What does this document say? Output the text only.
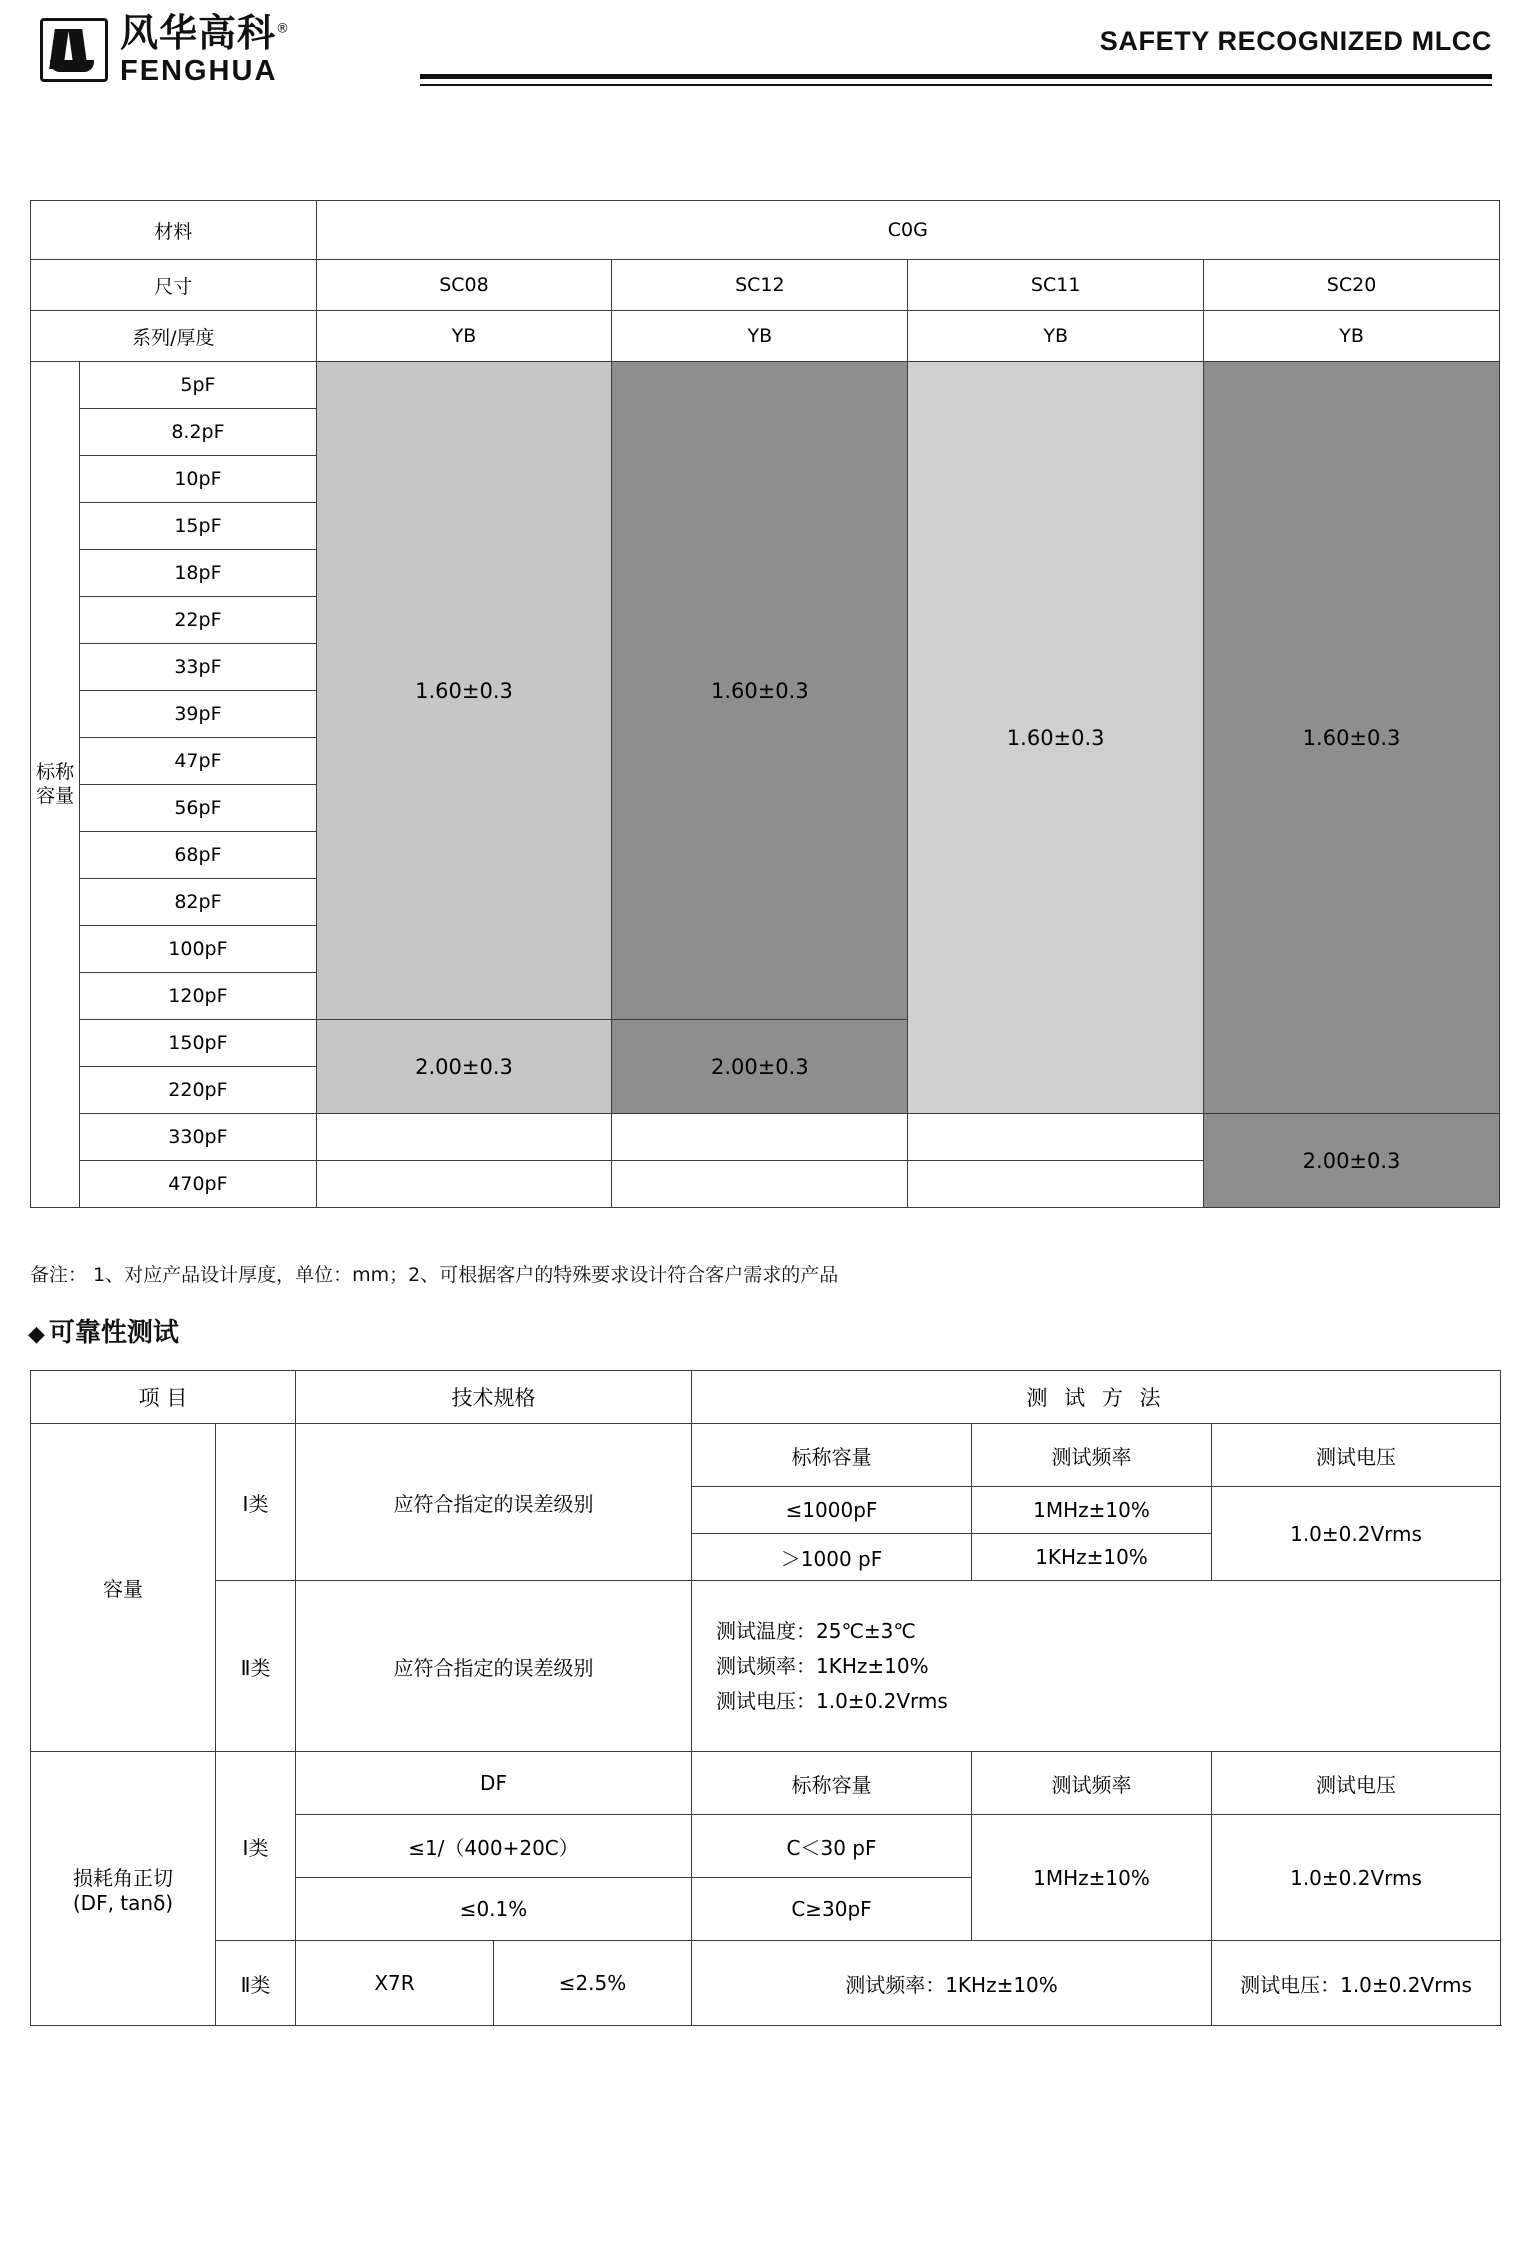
风华高科®
FENGHUA
SAFETY RECOGNIZED MLCC
材料		C0G			
尺寸		SC08	SC12	SC11	SC20
系列/厚度		YB	YB	YB	YB

标称
容量	5pF	1.60±0.3	1.60±0.3	1.60±0.3	1.60±0.3
	8.2pF				
	10pF				
	15pF				
	18pF				
	22pF				
	33pF				
	39pF				
	47pF				
	56pF				
	68pF				
	82pF				
	100pF				
	120pF				
	150pF	2.00±0.3	2.00±0.3		
	220pF				
	330pF				2.00±0.3
	470pF				
备注： 1、对应产品设计厚度，单位：mm；2、可根据客户的特殊要求设计符合客户需求的产品
◆ 可靠性测试
项 目		技术规格		测 试 方 法		
容量	Ⅰ类	应符合指定的误差级别		标称容量	测试频率	测试电压
				≤1000pF	1MHz±10%	1.0±0.2Vrms
				＞1000 pF	1KHz±10%	
	Ⅱ类	应符合指定的误差级别		测试温度：25℃±3℃
测试频率：1KHz±10%
测试电压：1.0±0.2Vrms		

损耗角正切
(DF, tanδ)	Ⅰ类	DF		标称容量	测试频率	测试电压
		≤1/（400+20C）		C＜30 pF	1MHz±10%	1.0±0.2Vrms
		≤0.1%		C≥30pF		
	Ⅱ类	X7R	≤2.5%	测试频率：1KHz±10%		测试电压：1.0±0.2Vrms
